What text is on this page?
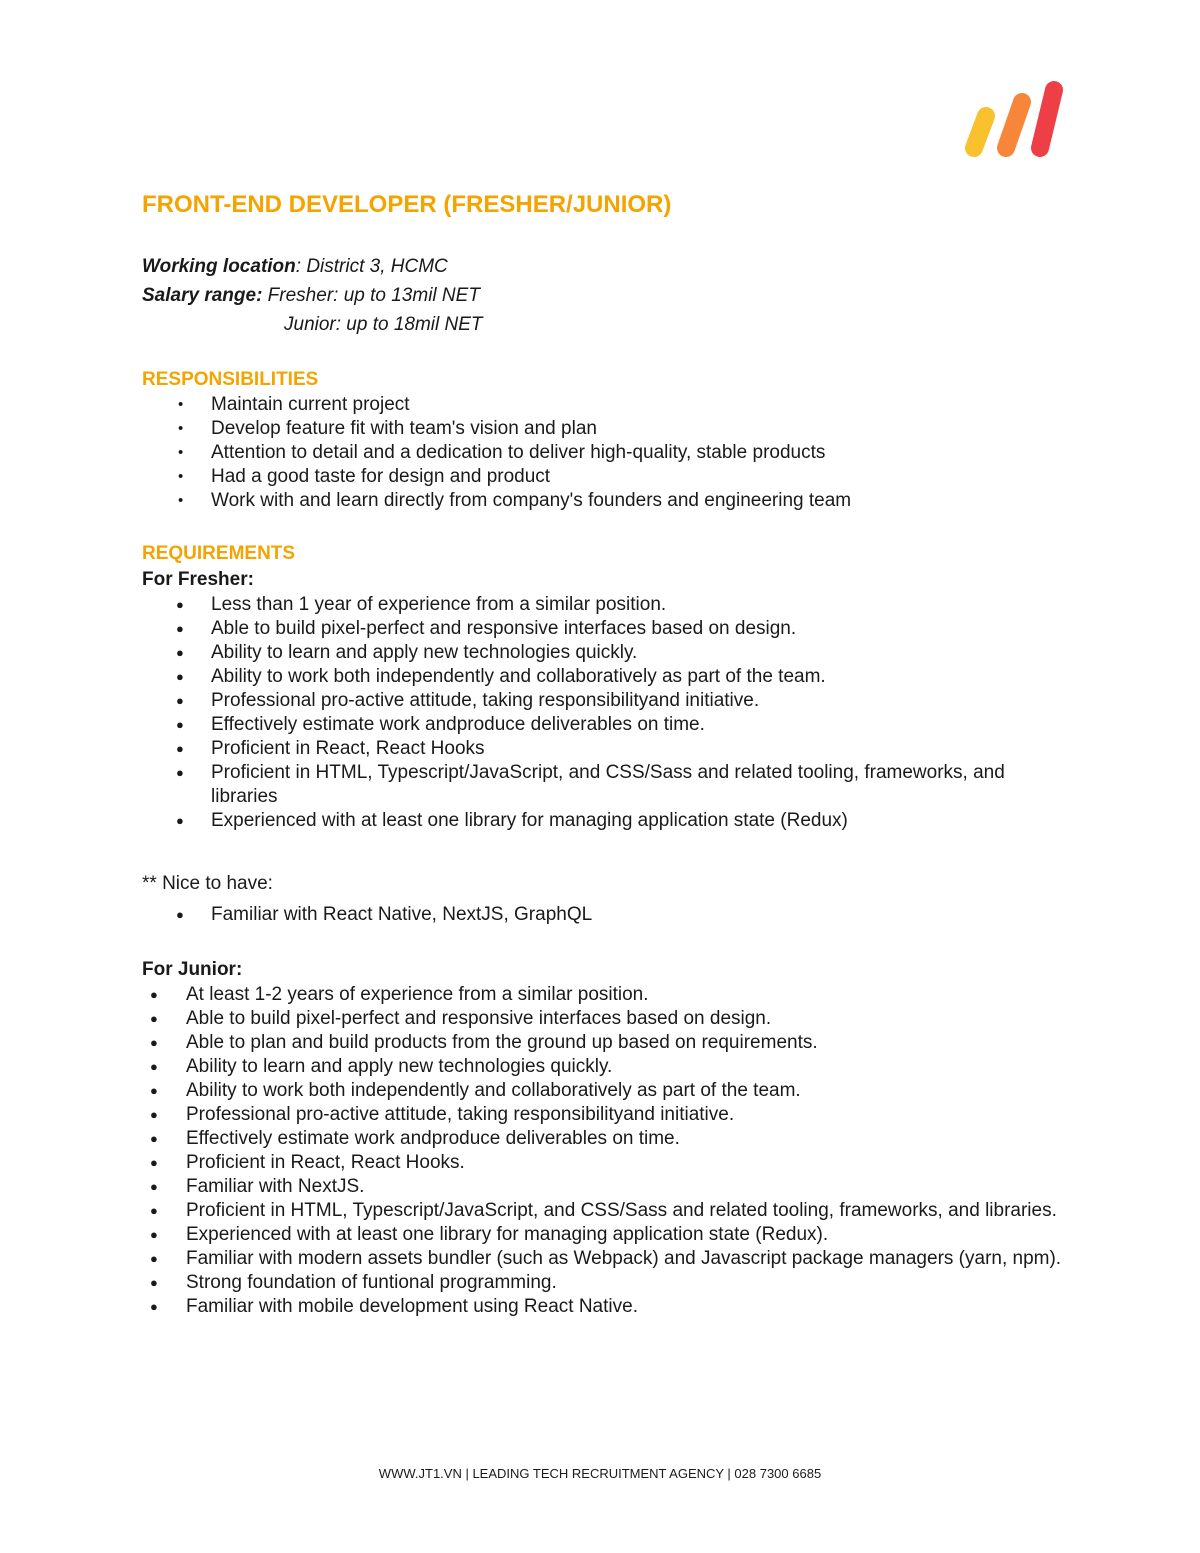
FRONT-END DEVELOPER (FRESHER/JUNIOR)
Working location: District 3, HCMC
Salary range: Fresher: up to 13mil NET
Junior: up to 18mil NET
RESPONSIBILITIES
• Maintain current project
• Develop feature fit with team's vision and plan
• Attention to detail and a dedication to deliver high-quality, stable products
• Had a good taste for design and product
• Work with and learn directly from company's founders and engineering team
REQUIREMENTS
For Fresher:
● Less than 1 year of experience from a similar position.
● Able to build pixel-perfect and responsive interfaces based on design.
● Ability to learn and apply new technologies quickly.
● Ability to work both independently and collaboratively as part of the team.
● Professional pro-active attitude, taking responsibilityand initiative.
● Effectively estimate work andproduce deliverables on time.
● Proficient in React, React Hooks
● Proficient in HTML, Typescript/JavaScript, and CSS/Sass and related tooling, frameworks, and libraries
● Experienced with at least one library for managing application state (Redux)
** Nice to have:
● Familiar with React Native, NextJS, GraphQL
For Junior:
● At least 1-2 years of experience from a similar position.
● Able to build pixel-perfect and responsive interfaces based on design.
● Able to plan and build products from the ground up based on requirements.
● Ability to learn and apply new technologies quickly.
● Ability to work both independently and collaboratively as part of the team.
● Professional pro-active attitude, taking responsibilityand initiative.
● Effectively estimate work andproduce deliverables on time.
● Proficient in React, React Hooks.
● Familiar with NextJS.
● Proficient in HTML, Typescript/JavaScript, and CSS/Sass and related tooling, frameworks, and libraries.
● Experienced with at least one library for managing application state (Redux).
● Familiar with modern assets bundler (such as Webpack) and Javascript package managers (yarn, npm).
● Strong foundation of funtional programming.
● Familiar with mobile development using React Native.
WWW.JT1.VN | LEADING TECH RECRUITMENT AGENCY | 028 7300 6685
